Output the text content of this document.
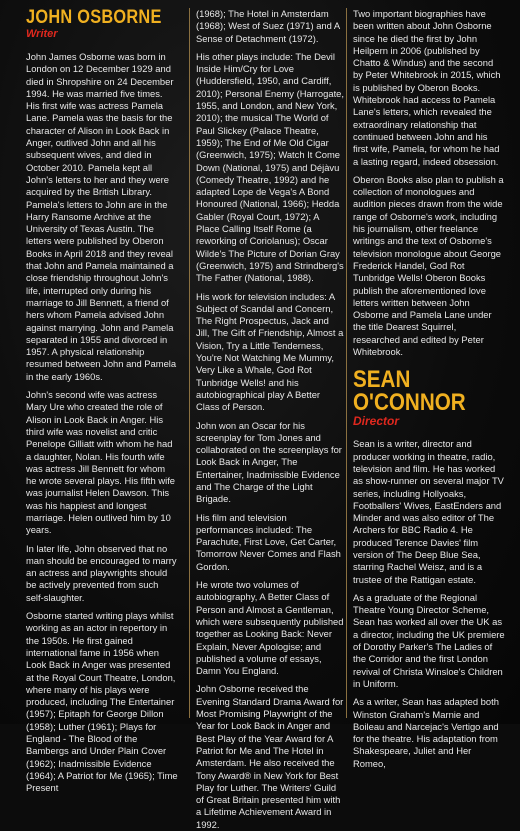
JOHN OSBORNE
Writer

John James Osborne was born in London on 12 December 1929 and died in Shropshire on 24 December 1994. He was married five times. His first wife was actress Pamela Lane. Pamela was the basis for the character of Alison in Look Back in Anger, outlived John and all his subsequent wives, and died in October 2010. Pamela kept all John's letters to her and they were acquired by the British Library. Pamela's letters to John are in the Harry Ransome Archive at the University of Texas Austin. The letters were published by Oberon Books in April 2018 and they reveal that John and Pamela maintained a close friendship throughout John's life, interrupted only during his marriage to Jill Bennett, a friend of hers whom Pamela advised John against marrying. John and Pamela separated in 1955 and divorced in 1957. A physical relationship resumed between John and Pamela in the early 1960s.

John's second wife was actress Mary Ure who created the role of Alison in Look Back in Anger. His third wife was novelist and critic Penelope Gilliatt with whom he had a daughter, Nolan. His fourth wife was actress Jill Bennett for whom he wrote several plays. His fifth wife was journalist Helen Dawson. This was his happiest and longest marriage. Helen outlived him by 10 years.

In later life, John observed that no man should be encouraged to marry an actress and playwrights should be actively prevented from such self-slaughter.

Osborne started writing plays whilst working as an actor in repertory in the 1950s. He first gained international fame in 1956 when Look Back in Anger was presented at the Royal Court Theatre, London, where many of his plays were produced, including The Entertainer (1957); Epitaph for George Dillon (1958); Luther (1961); Plays for England - The Blood of the Bambergs and Under Plain Cover (1962); Inadmissible Evidence (1964); A Patriot for Me (1965); Time Present

(1968); The Hotel in Amsterdam (1968); West of Suez (1971) and A Sense of Detachment (1972).

His other plays include: The Devil Inside Him/Cry for Love (Huddersfield, 1950, and Cardiff, 2010); Personal Enemy (Harrogate, 1955, and London, and New York, 2010); the musical The World of Paul Slickey (Palace Theatre, 1959); The End of Me Old Cigar (Greenwich, 1975); Watch It Come Down (National, 1975) and Déjàvu (Comedy Theatre, 1992) and he adapted Lope de Vega's A Bond Honoured (National, 1966); Hedda Gabler (Royal Court, 1972); A Place Calling Itself Rome (a reworking of Coriolanus); Oscar Wilde's The Picture of Dorian Gray (Greenwich, 1975) and Strindberg's The Father (National, 1988).

His work for television includes: A Subject of Scandal and Concern, The Right Prospectus, Jack and Jill, The Gift of Friendship, Almost a Vision, Try a Little Tenderness, You're Not Watching Me Mummy, Very Like a Whale, God Rot Tunbridge Wells! and his autobiographical play A Better Class of Person.

John won an Oscar for his screenplay for Tom Jones and collaborated on the screenplays for Look Back in Anger, The Entertainer, Inadmissible Evidence and The Charge of the Light Brigade.

His film and television performances included: The Parachute, First Love, Get Carter, Tomorrow Never Comes and Flash Gordon.

He wrote two volumes of autobiography, A Better Class of Person and Almost a Gentleman, which were subsequently published together as Looking Back: Never Explain, Never Apologise; and published a volume of essays, Damn You England.

John Osborne received the Evening Standard Drama Award for Most Promising Playwright of the Year for Look Back in Anger and Best Play of the Year Award for A Patriot for Me and The Hotel in Amsterdam. He also received the Tony Award® in New York for Best Play for Luther. The Writers' Guild of Great Britain presented him with a Lifetime Achievement Award in 1992.

Two important biographies have been written about John Osborne since he died the first by John Heilpern in 2006 (published by Chatto & Windus) and the second by Peter Whitebrook in 2015, which is published by Oberon Books. Whitebrook had access to Pamela Lane's letters, which revealed the extraordinary relationship that continued between John and his first wife, Pamela, for whom he had a lasting regard, indeed obsession.

Oberon Books also plan to publish a collection of monologues and audition pieces drawn from the wide range of Osborne's work, including his journalism, other freelance writings and the text of Osborne's television monologue about George Frederick Handel, God Rot Tunbridge Wells! Oberon Books publish the aforementioned love letters written between John Osborne and Pamela Lane under the title Dearest Squirrel, researched and edited by Peter Whitebrook.

SEAN
O'CONNOR
Director

Sean is a writer, director and producer working in theatre, radio, television and film. He has worked as show-runner on several major TV series, including Hollyoaks, Footballers' Wives, EastEnders and Minder and was also editor of The Archers for BBC Radio 4. He produced Terence Davies' film version of The Deep Blue Sea, starring Rachel Weisz, and is a trustee of the Rattigan estate.

As a graduate of the Regional Theatre Young Director Scheme, Sean has worked all over the UK as a director, including the UK premiere of Dorothy Parker's The Ladies of the Corridor and the first London revival of Christa Winsloe's Children in Uniform.

As a writer, Sean has adapted both Winston Graham's Marnie and Boileau and Narcejac's Vertigo and for the theatre. His adaptation from Shakespeare, Juliet and Her Romeo,
